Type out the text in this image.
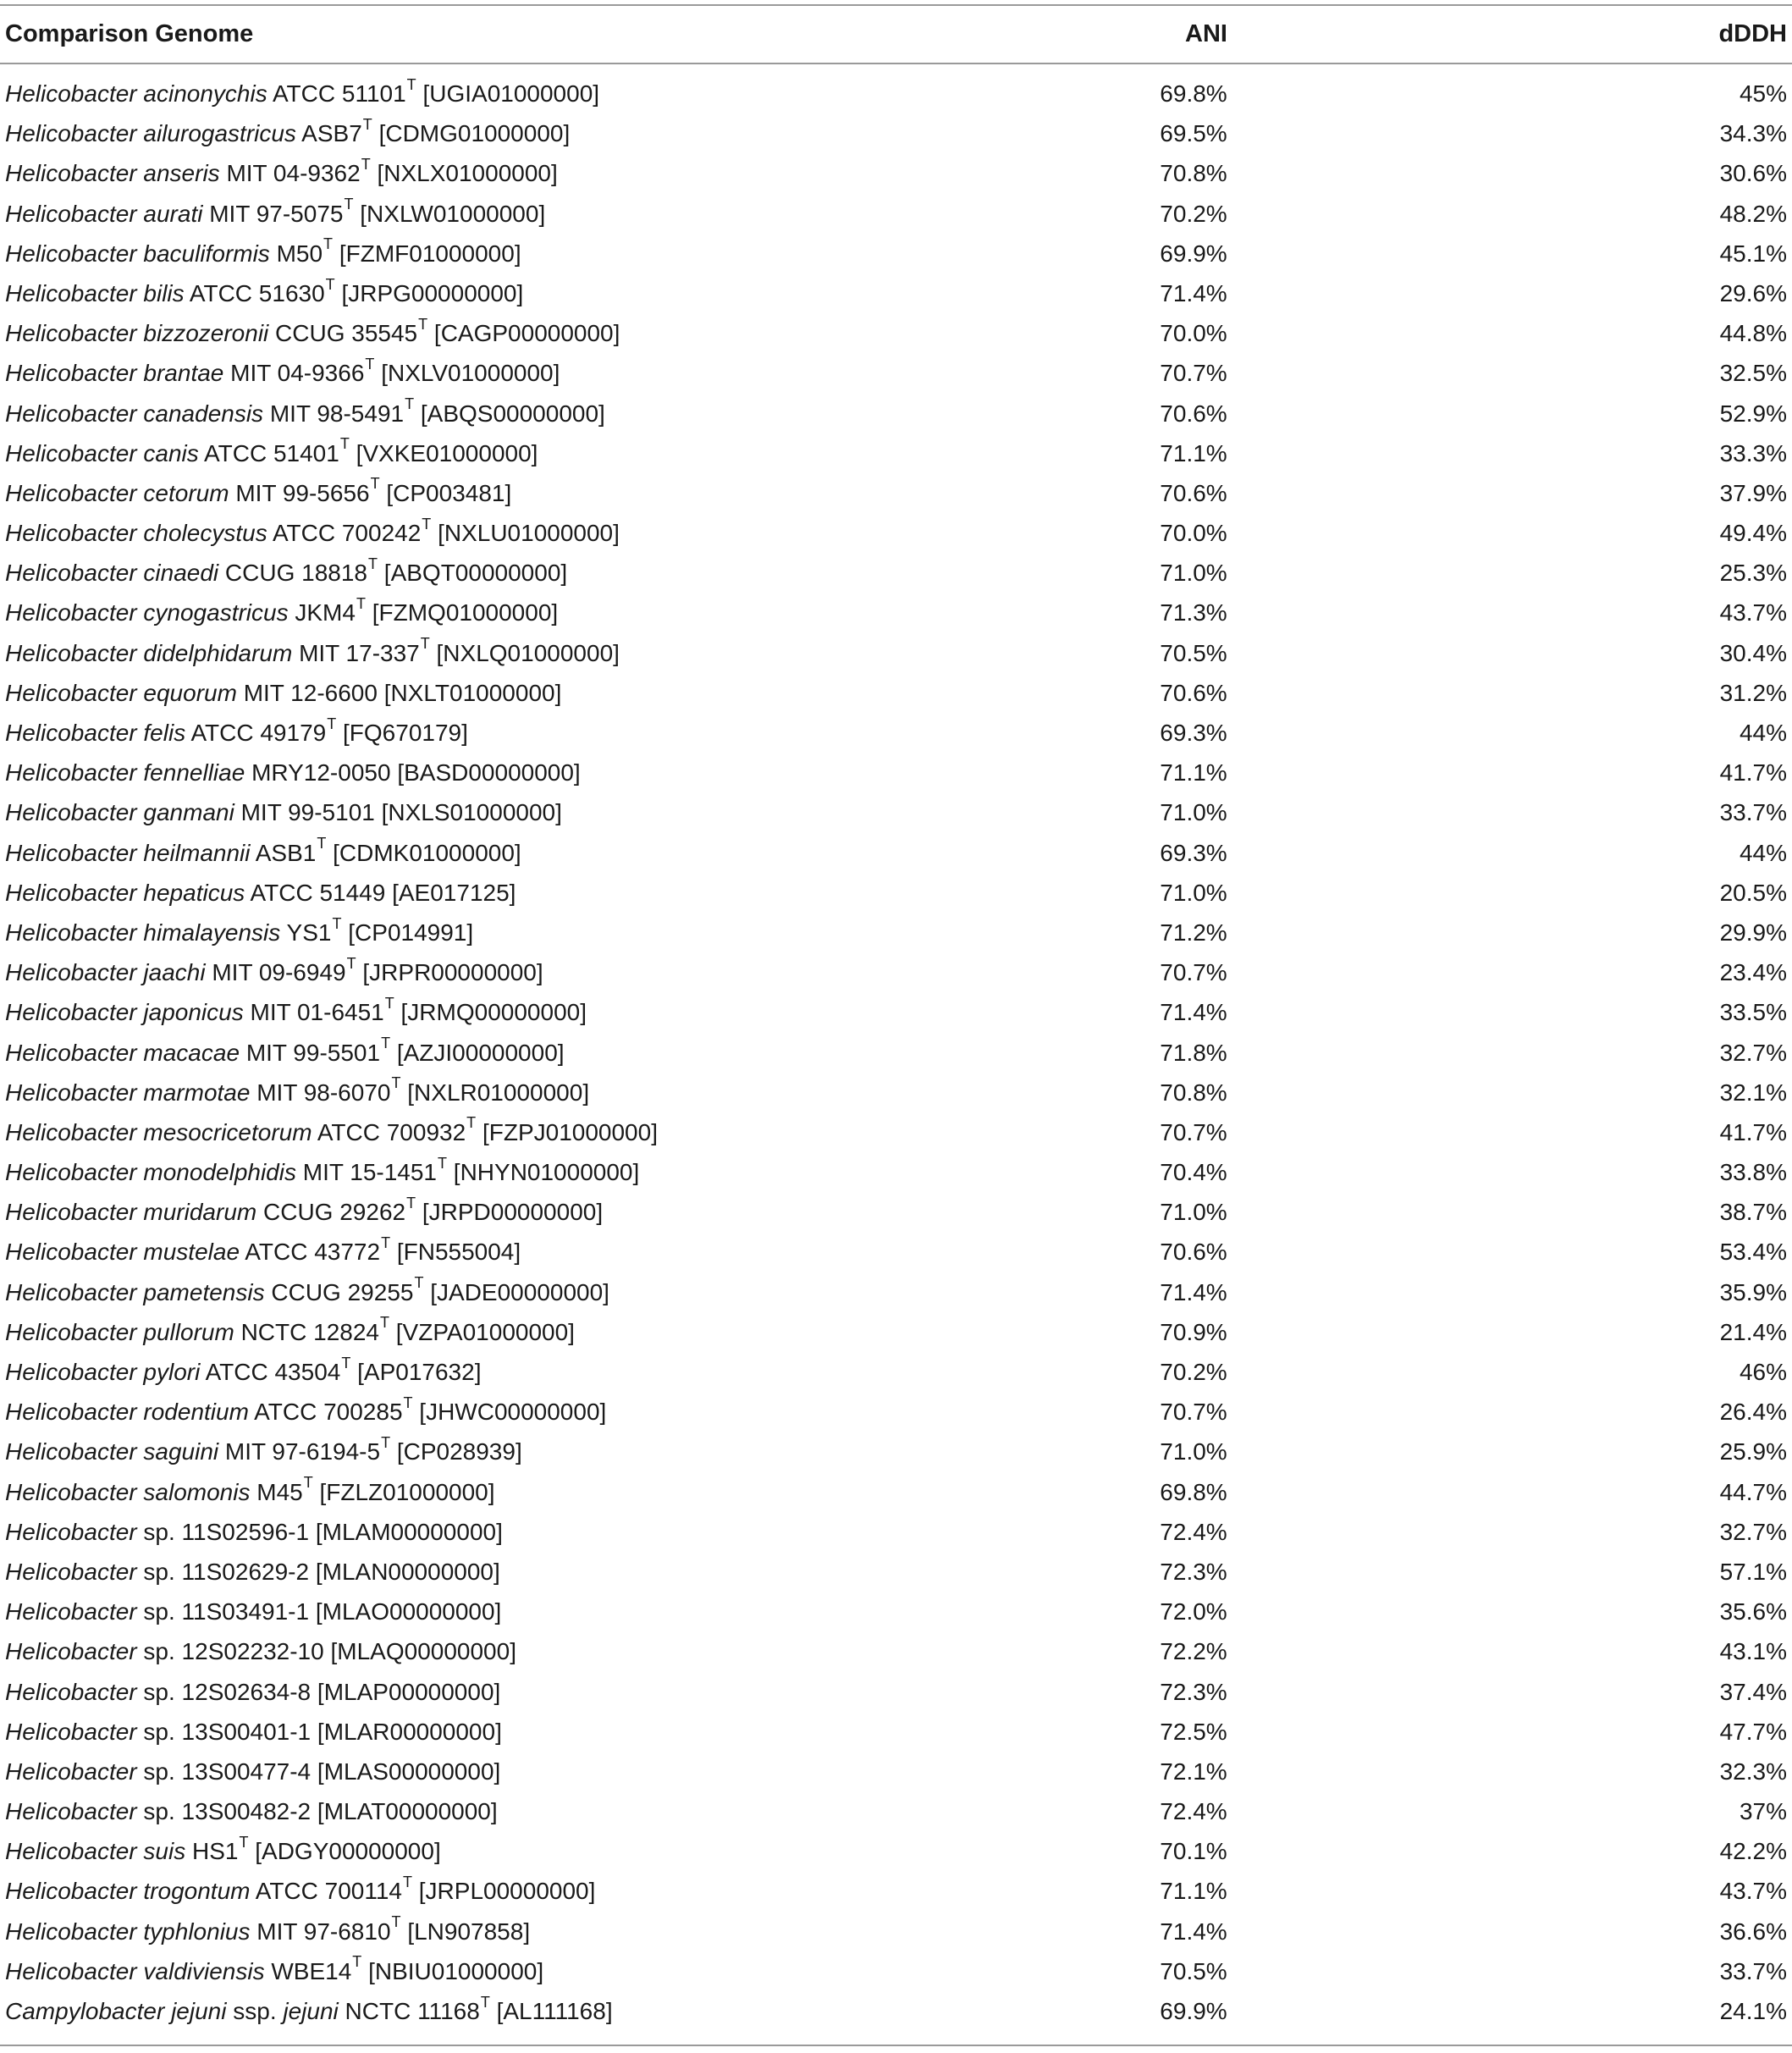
Comparison Genome	ANI	dDDH
Helicobacter acinonychis ATCC $51101^T$ [UGIA01000000]	69.8%	45%
Helicobacter ailurogastricus $ASB7^T$ [CDMG01000000]	69.5%	34.3%
Helicobacter anseris MIT $04-9362^T$ [NXLX01000000]	70.8%	30.6%
Helicobacter aurati MIT $97-5075^T$ [NXLW01000000]	70.2%	48.2%
Helicobacter baculiformis $M50^T$ [FZMF01000000]	69.9%	45.1%
Helicobacter bilis ATCC $51630^T$ [JRPG00000000]	71.4%	29.6%
Helicobacter bizzozeronii CCUG $35545^T$ [CAGP00000000]	70.0%	44.8%
Helicobacter brantae MIT $04-9366^T$ [NXLV01000000]	70.7%	32.5%
Helicobacter canadensis MIT $98-5491^T$ [ABQS00000000]	70.6%	52.9%
Helicobacter canis ATCC $51401^T$ [VXKE01000000]	71.1%	33.3%
Helicobacter cetorum MIT $99-5656^T$ [CP003481]	70.6%	37.9%
Helicobacter cholecystus ATCC $700242^T$ [NXLU01000000]	70.0%	49.4%
Helicobacter cinaedi CCUG $18818^T$ [ABQT00000000]	71.0%	25.3%
Helicobacter cynogastricus $JKM4^T$ [FZMQ01000000]	71.3%	43.7%
Helicobacter didelphidarum MIT $17-337^T$ [NXLQ01000000]	70.5%	30.4%
Helicobacter equorum MIT 12-6600 [NXLT01000000]	70.6%	31.2%
Helicobacter felis ATCC $49179^T$ [FQ670179]	69.3%	44%
Helicobacter fennelliae MRY12-0050 [BASD00000000]	71.1%	41.7%
Helicobacter ganmani MIT 99-5101 [NXLS01000000]	71.0%	33.7%
Helicobacter heilmannii $ASB1^T$ [CDMK01000000]	69.3%	44%
Helicobacter hepaticus ATCC 51449 [AE017125]	71.0%	20.5%
Helicobacter himalayensis $YS1^T$ [CP014991]	71.2%	29.9%
Helicobacter jaachi MIT $09-6949^T$ [JRPR00000000]	70.7%	23.4%
Helicobacter japonicus MIT $01-6451^T$ [JRMQ00000000]	71.4%	33.5%
Helicobacter macacae MIT $99-5501^T$ [AZJI00000000]	71.8%	32.7%
Helicobacter marmotae MIT $98-6070^T$ [NXLR01000000]	70.8%	32.1%
Helicobacter mesocricetorum ATCC $700932^T$ [FZPJ01000000]	70.7%	41.7%
Helicobacter monodelphidis MIT $15-1451^T$ [NHYN01000000]	70.4%	33.8%
Helicobacter muridarum CCUG $29262^T$ [JRPD00000000]	71.0%	38.7%
Helicobacter mustelae ATCC $43772^T$ [FN555004]	70.6%	53.4%
Helicobacter pametensis CCUG $29255^T$ [JADE00000000]	71.4%	35.9%
Helicobacter pullorum NCTC $12824^T$ [VZPA01000000]	70.9%	21.4%
Helicobacter pylori ATCC $43504^T$ [AP017632]	70.2%	46%
Helicobacter rodentium ATCC $700285^T$ [JHWC00000000]	70.7%	26.4%
Helicobacter saguini MIT $97-6194-5^T$ [CP028939]	71.0%	25.9%
Helicobacter salomonis $M45^T$ [FZLZ01000000]	69.8%	44.7%
Helicobacter sp. 11S02596-1 [MLAM00000000]	72.4%	32.7%
Helicobacter sp. 11S02629-2 [MLAN00000000]	72.3%	57.1%
Helicobacter sp. 11S03491-1 [MLAO00000000]	72.0%	35.6%
Helicobacter sp. 12S02232-10 [MLAQ00000000]	72.2%	43.1%
Helicobacter sp. 12S02634-8 [MLAP00000000]	72.3%	37.4%
Helicobacter sp. 13S00401-1 [MLAR00000000]	72.5%	47.7%
Helicobacter sp. 13S00477-4 [MLAS00000000]	72.1%	32.3%
Helicobacter sp. 13S00482-2 [MLAT00000000]	72.4%	37%
Helicobacter suis $HS1^T$ [ADGY00000000]	70.1%	42.2%
Helicobacter trogontum ATCC $700114^T$ [JRPL00000000]	71.1%	43.7%
Helicobacter typhlonius MIT $97-6810^T$ [LN907858]	71.4%	36.6%
Helicobacter valdiviensis $WBE14^T$ [NBIU01000000]	70.5%	33.7%
Campylobacter jejuni ssp. jejuni NCTC $11168^T$ [AL111168]	69.9%	24.1%
